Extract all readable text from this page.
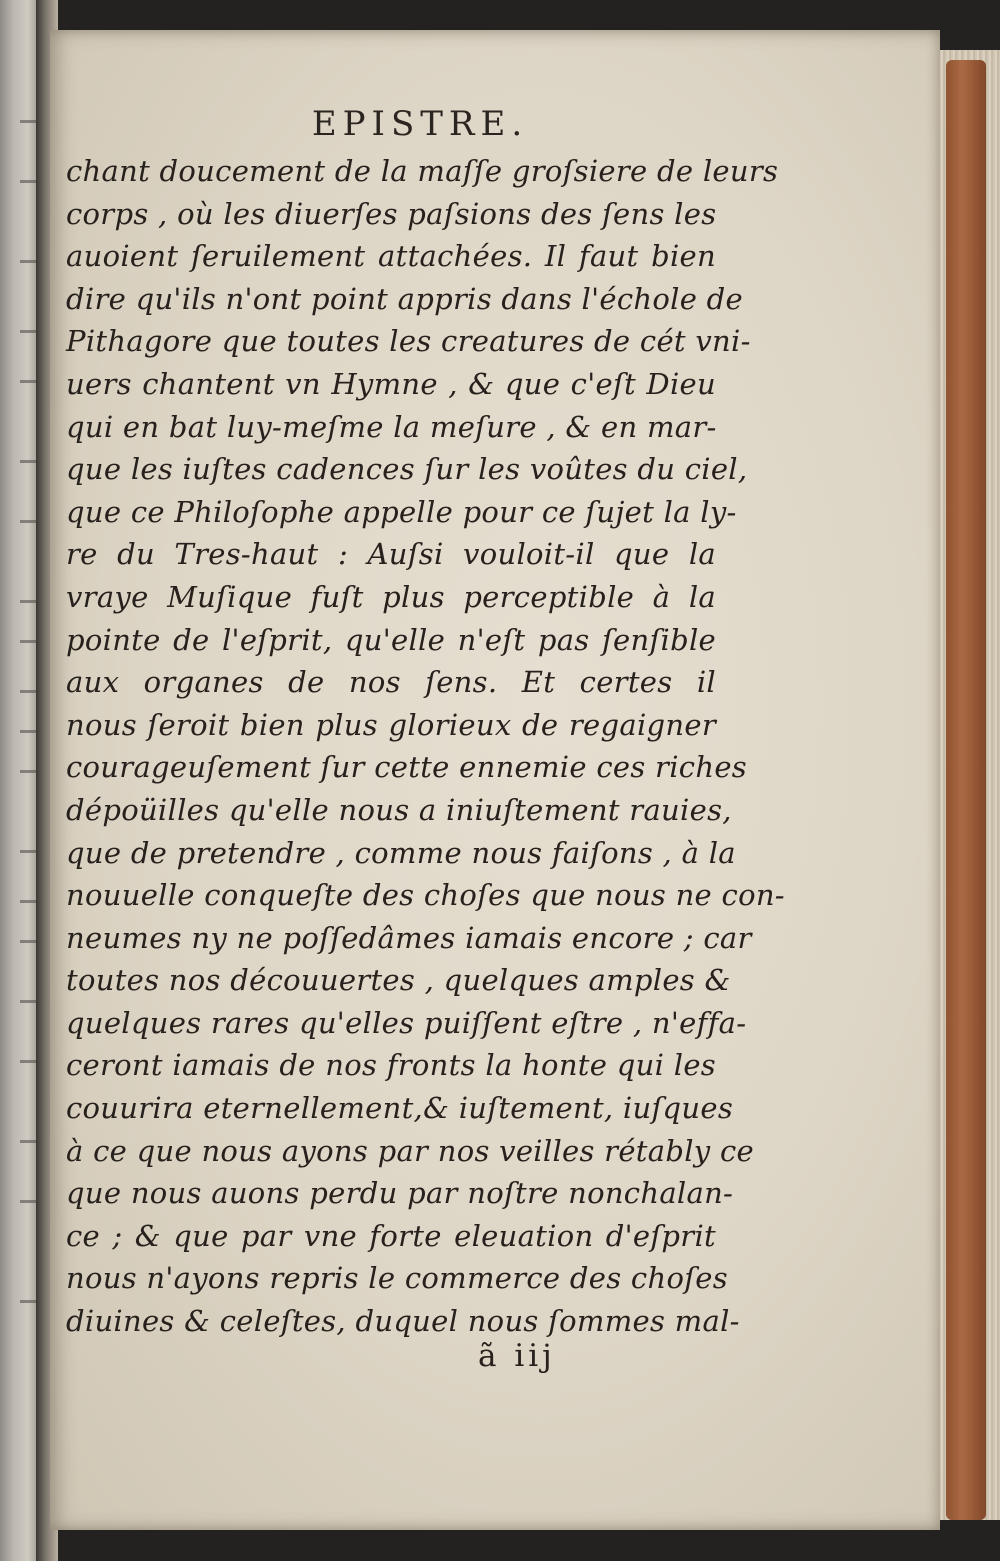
EPISTRE.
chant doucement de la maſſe groſsiere de leurs
corps , où les diuerſes paſsions des ſens les
auoient ſeruilement attachées. Il faut bien
dire qu'ils n'ont point appris dans l'échole de
Pithagore que toutes les creatures de cét vni-
uers chantent vn Hymne , & que c'eſt Dieu
qui en bat luy-meſme la meſure , & en mar-
que les iuſtes cadences ſur les voûtes du ciel,
que ce Philoſophe appelle pour ce ſujet la ly-
re du Tres-haut : Auſsi vouloit-il que la
vraye Muſique fuſt plus perceptible à la
pointe de l'eſprit, qu'elle n'eſt pas ſenſible
aux organes de nos ſens. Et certes il
nous ſeroit bien plus glorieux de regaigner
courageuſement ſur cette ennemie ces riches
dépoüilles qu'elle nous a iniuſtement rauies,
que de pretendre , comme nous faiſons , à la
nouuelle conqueſte des choſes que nous ne con-
neumes ny ne poſſedâmes iamais encore ; car
toutes nos découuertes , quelques amples &
quelques rares qu'elles puiſſent eſtre , n'effa-
ceront iamais de nos fronts la honte qui les
couurira eternellement,& iuſtement, iuſques
à ce que nous ayons par nos veilles rétably ce
que nous auons perdu par noſtre nonchalan-
ce ; & que par vne forte eleuation d'eſprit
nous n'ayons repris le commerce des choſes
diuines & celeſtes, duquel nous ſommes mal-
ã iij
